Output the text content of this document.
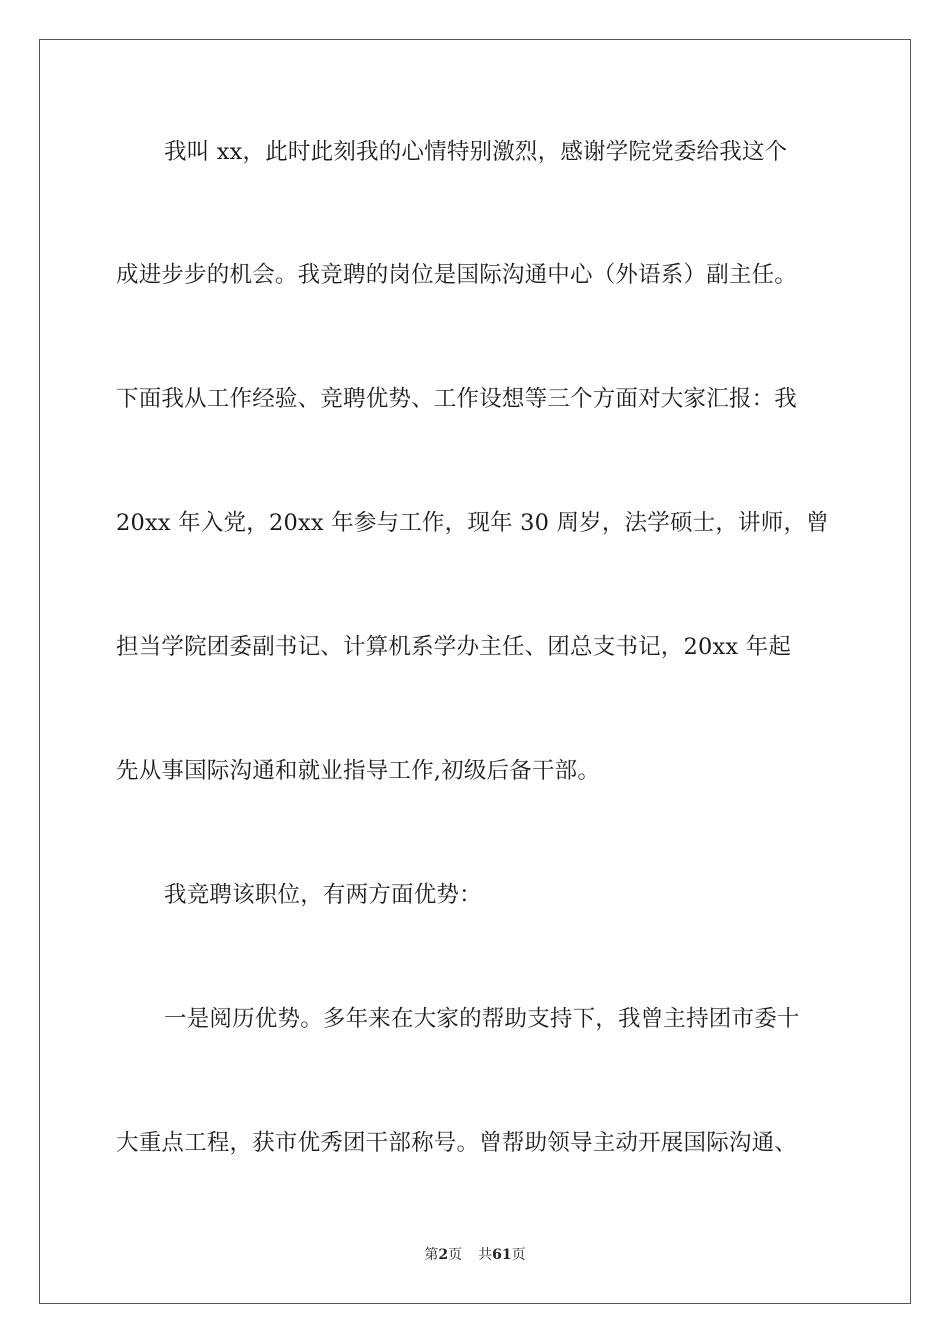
我叫 xx，此时此刻我的心情特别激烈，感谢学院党委给我这个
成进步步的机会。我竞聘的岗位是国际沟通中心（外语系）副主任。
下面我从工作经验、竞聘优势、工作设想等三个方面对大家汇报：我
20xx 年入党，20xx 年参与工作，现年 30 周岁，法学硕士，讲师，曾
担当学院团委副书记、计算机系学办主任、团总支书记，20xx 年起
先从事国际沟通和就业指导工作,初级后备干部。
我竞聘该职位，有两方面优势：
一是阅历优势。多年来在大家的帮助支持下，我曾主持团市委十
大重点工程，获市优秀团干部称号。曾帮助领导主动开展国际沟通、
第2页 共61页
